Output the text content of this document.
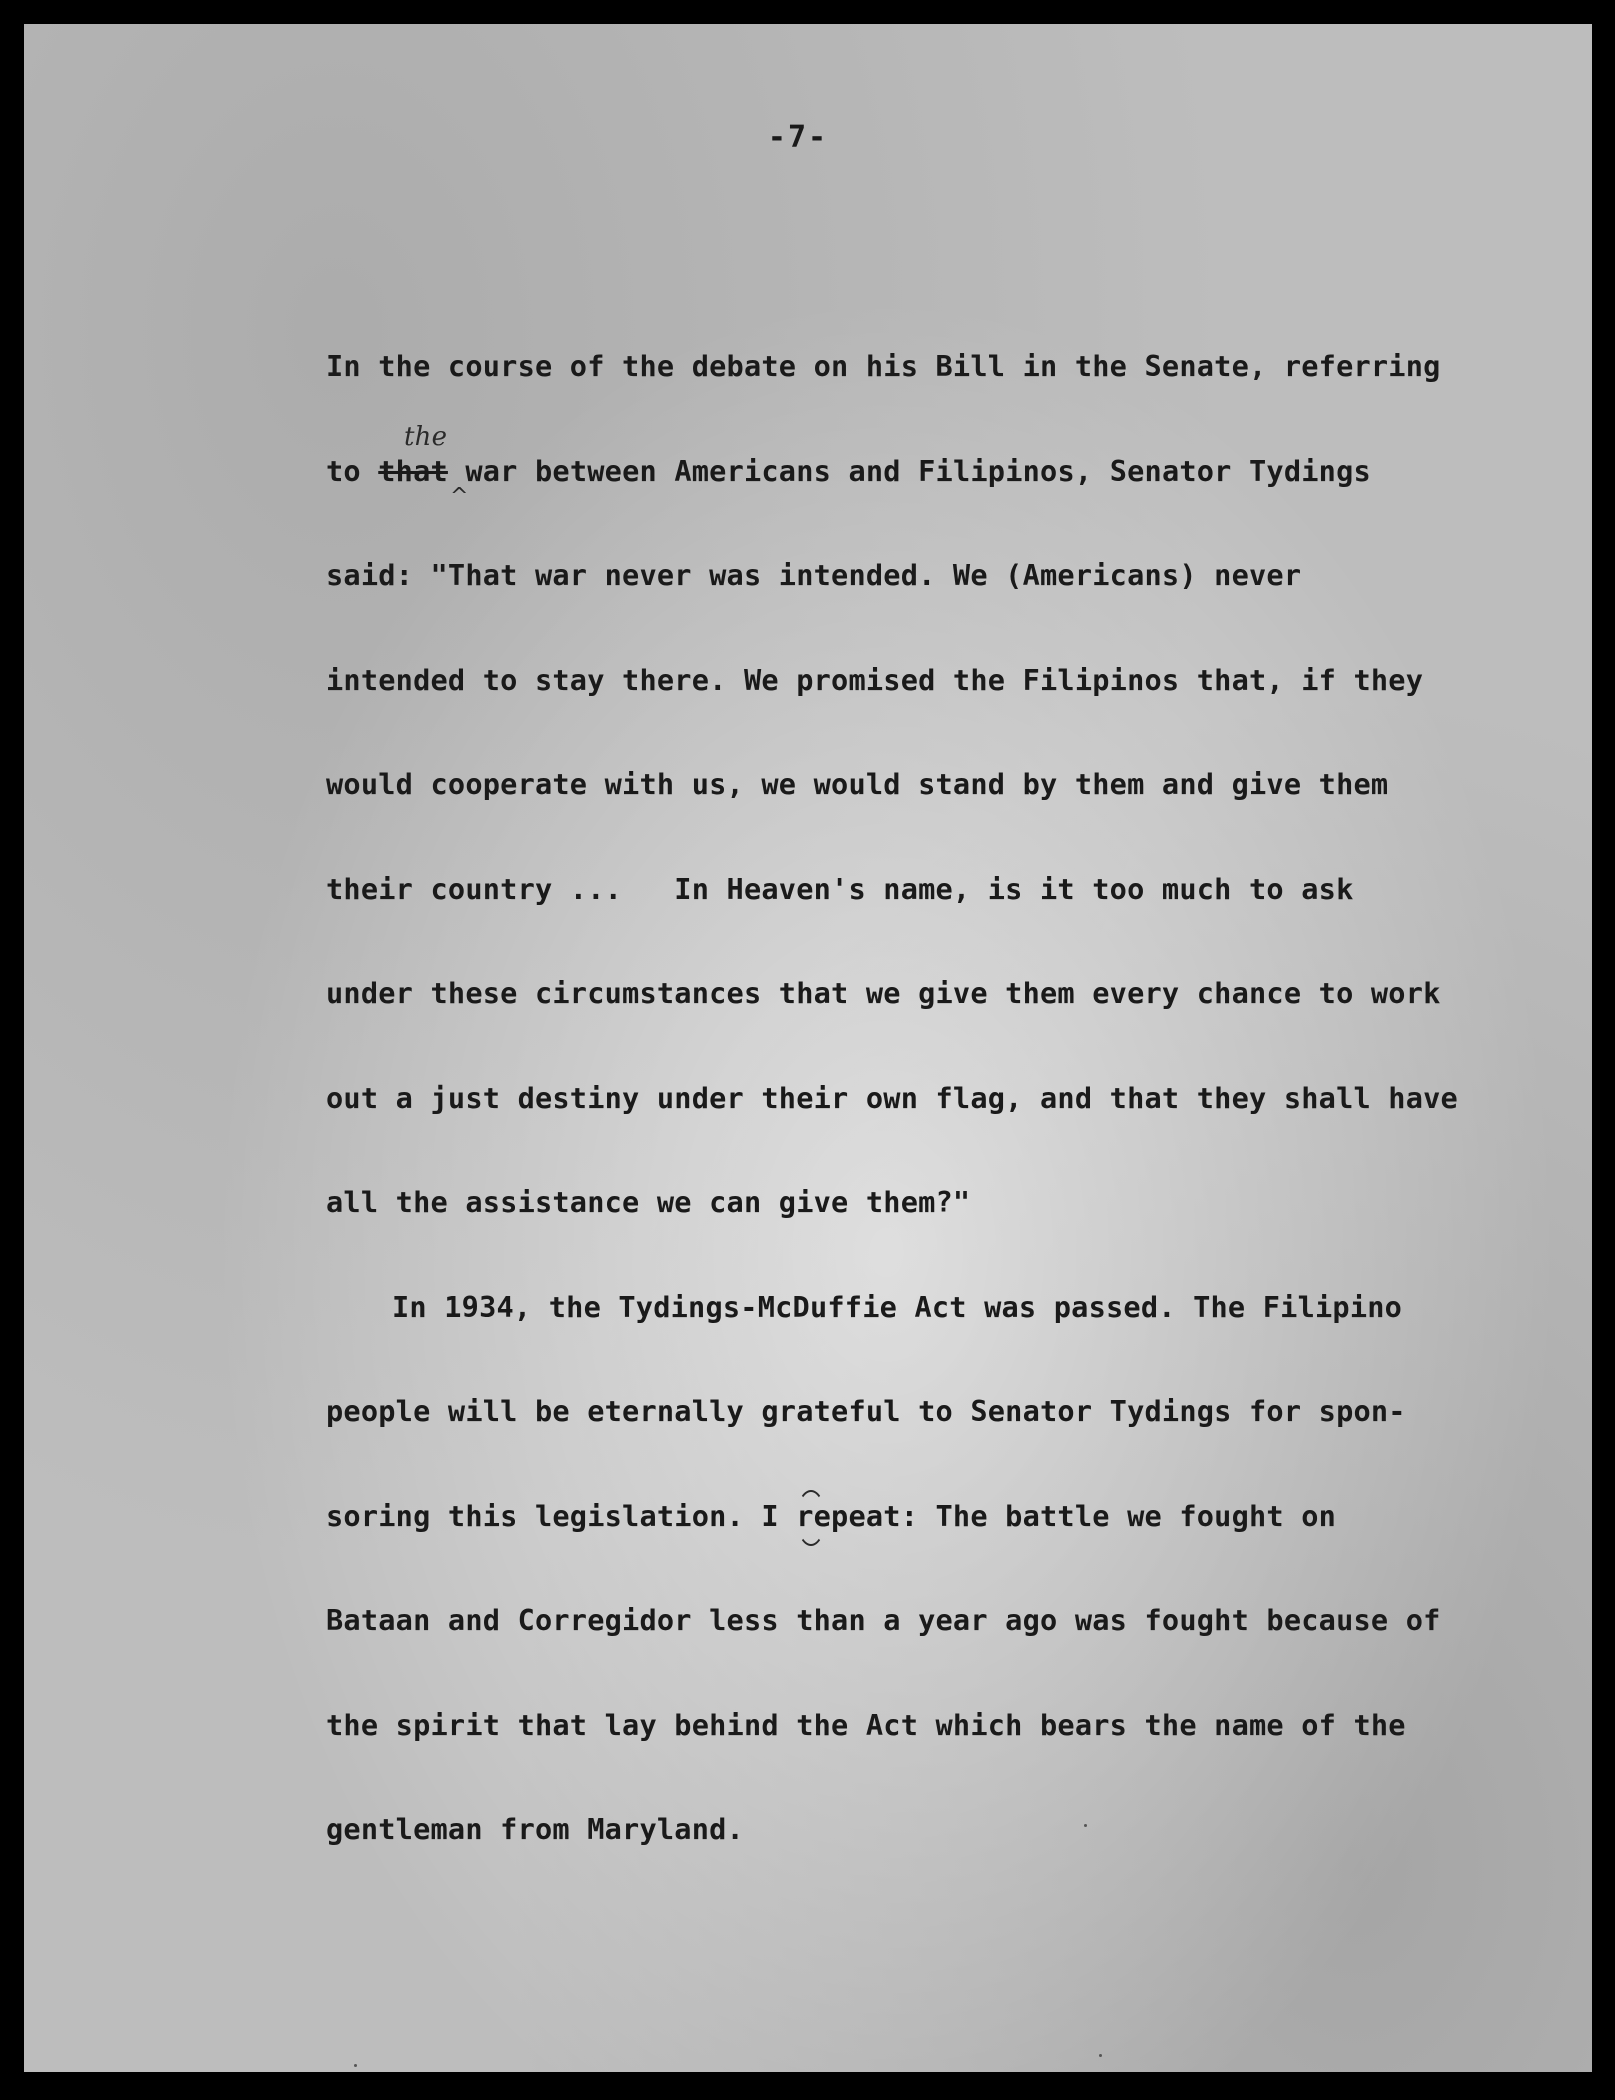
-7-
In the course of the debate on his Bill in the Senate, referring
to that war between Americans and Filipinos, Senator Tydings
the
^
said: "That war never was intended. We (Americans) never
intended to stay there. We promised the Filipinos that, if they
would cooperate with us, we would stand by them and give them
their country ...   In Heaven's name, is it too much to ask
under these circumstances that we give them every chance to work
out a just destiny under their own flag, and that they shall have
all the assistance we can give them?"
In 1934, the Tydings-McDuffie Act was passed. The Filipino
people will be eternally grateful to Senator Tydings for spon-
soring this legislation. I repeat: The battle we fought on
Bataan and Corregidor less than a year ago was fought because of
the spirit that lay behind the Act which bears the name of the
gentleman from Maryland.
